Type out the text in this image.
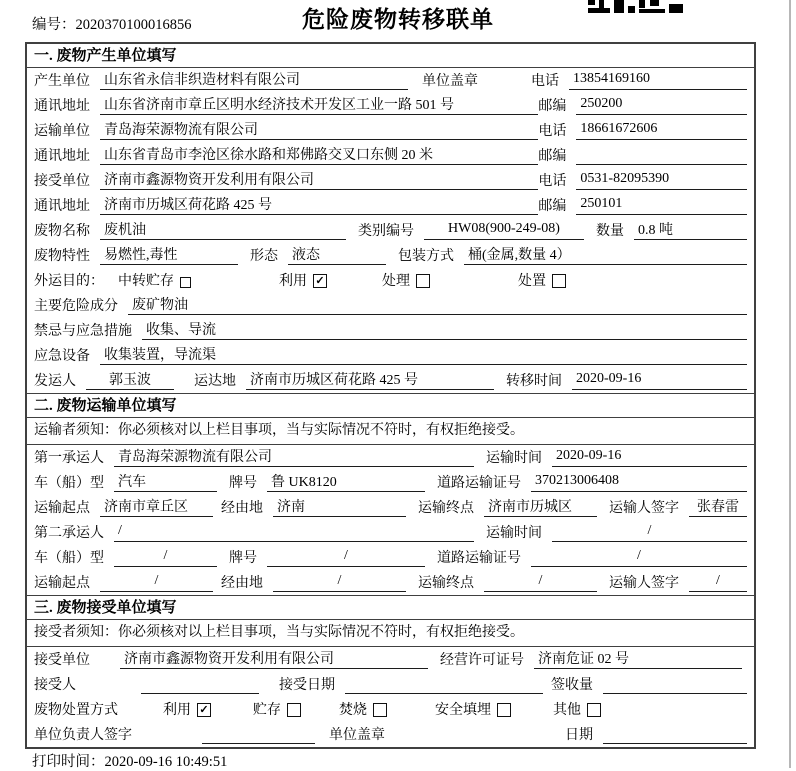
编号：2020370100016856	危险废物转移联单
一. 废物产生单位填写
产生单位 山东省永信非织造材料有限公司	单位盖章	电话 13854169160
通讯地址 山东省济南市章丘区明水经济技术开发区工业一路 501 号	邮编 250200
运输单位 青岛海荣源物流有限公司	电话 18661672606
通讯地址 山东省青岛市李沧区徐水路和郑佛路交叉口东侧 20 米	邮编
接受单位 济南市鑫源物资开发利用有限公司	电话 0531-82095390
通讯地址 济南市历城区荷花路 425 号	邮编 250101
废物名称 废机油	类别编号	HW08(900-249-08)	数量 0.8 吨
废物特性 易燃性,毒性	形态 液态	包装方式 桶(金属,数量 4）
外运目的： 中转贮存	利用 ✓	处理	处置
主要危险成分 废矿物油
禁忌与应急措施 收集、导流
应急设备 收集装置，导流渠
发运人	郭玉波	运达地 济南市历城区荷花路 425 号	转移时间 2020-09-16
二. 废物运输单位填写
运输者须知：你必须核对以上栏目事项，当与实际情况不符时，有权拒绝接受。
第一承运人 青岛海荣源物流有限公司	运输时间 2020-09-16
车（船）型 汽车	牌号 鲁 UK8120	道路运输证号 370213006408
运输起点 济南市章丘区	经由地 济南	运输终点 济南市历城区	运输人签字	张春雷
第二承运人 /	运输时间	/
车（船）型	/	牌号	/	道路运输证号	/
运输起点	/	经由地	/	运输终点	/	运输人签字	/
三. 废物接受单位填写
接受者须知：你必须核对以上栏目事项，当与实际情况不符时，有权拒绝接受。
接受单位 济南市鑫源物资开发利用有限公司	经营许可证号 济南危证 02 号
接受人	接受日期	签收量
废物处置方式	利用 ✓	贮存	焚烧	安全填埋	其他
单位负责人签字	单位盖章	日期
打印时间：2020-09-16 10:49:51
